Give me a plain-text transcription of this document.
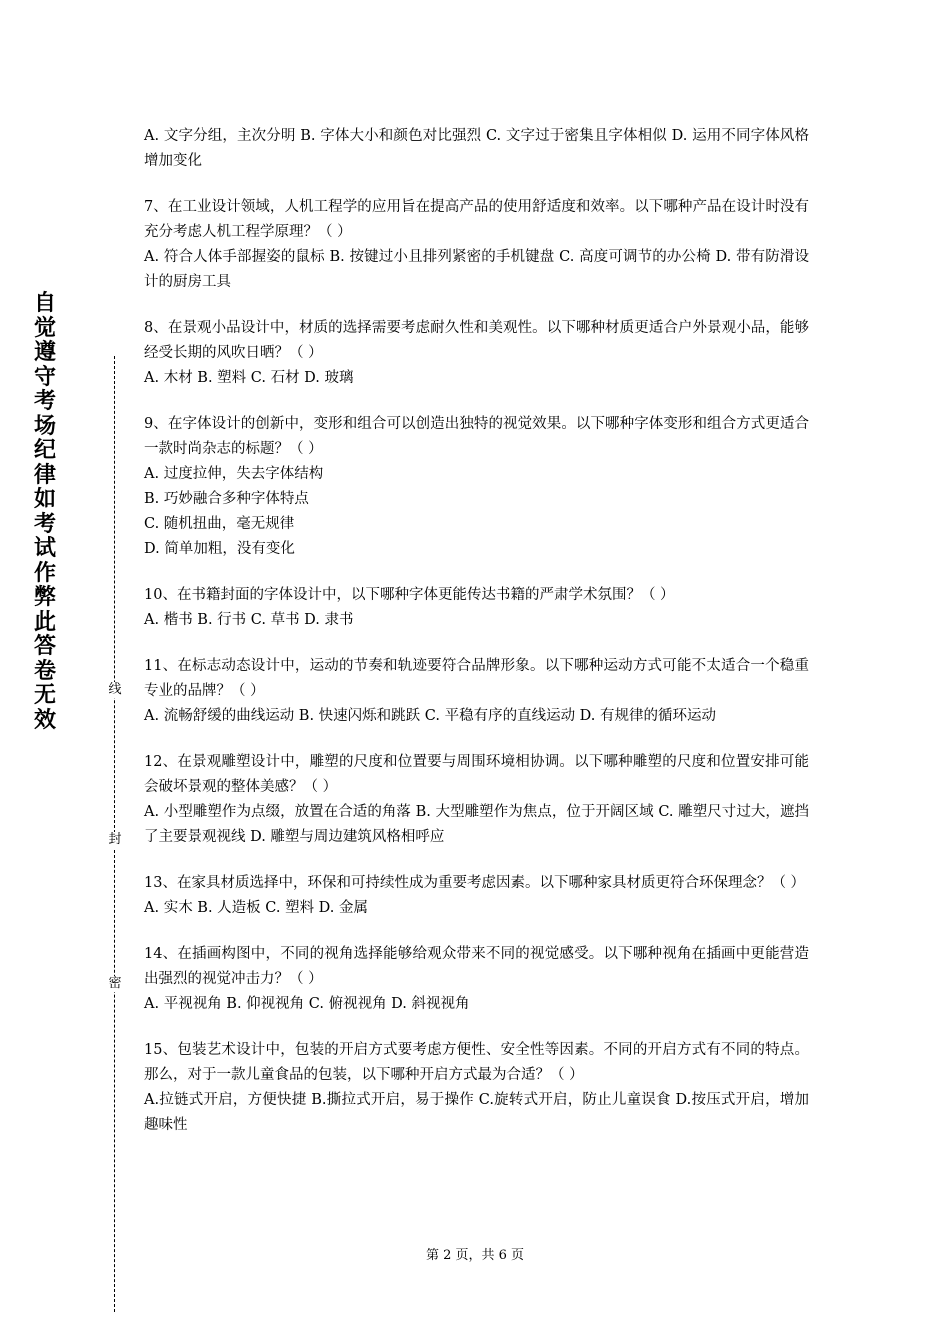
自
觉
遵
守
考
场
纪
律
如
考
试
作
弊
此
答
卷
无
效
线
封
密

A. 文字分组，主次分明 B. 字体大小和颜色对比强烈 C. 文字过于密集且字体相似 D. 运用不同字体风格增加变化

7、在工业设计领域，人机工程学的应用旨在提高产品的使用舒适度和效率。以下哪种产品在设计时没有充分考虑人机工程学原理？（ ）

A. 符合人体手部握姿的鼠标 B. 按键过小且排列紧密的手机键盘 C. 高度可调节的办公椅 D. 带有防滑设计的厨房工具

8、在景观小品设计中，材质的选择需要考虑耐久性和美观性。以下哪种材质更适合户外景观小品，能够经受长期的风吹日晒？（ ）

A. 木材 B. 塑料 C. 石材 D. 玻璃

9、在字体设计的创新中，变形和组合可以创造出独特的视觉效果。以下哪种字体变形和组合方式更适合一款时尚杂志的标题？（ ）

A. 过度拉伸，失去字体结构
B. 巧妙融合多种字体特点
C. 随机扭曲，毫无规律
D. 简单加粗，没有变化

10、在书籍封面的字体设计中，以下哪种字体更能传达书籍的严肃学术氛围？（ ）

A. 楷书 B. 行书 C. 草书 D. 隶书

11、在标志动态设计中，运动的节奏和轨迹要符合品牌形象。以下哪种运动方式可能不太适合一个稳重专业的品牌？（ ）

A. 流畅舒缓的曲线运动 B. 快速闪烁和跳跃 C. 平稳有序的直线运动 D. 有规律的循环运动

12、在景观雕塑设计中，雕塑的尺度和位置要与周围环境相协调。以下哪种雕塑的尺度和位置安排可能会破坏景观的整体美感？（ ）

A. 小型雕塑作为点缀，放置在合适的角落 B. 大型雕塑作为焦点，位于开阔区域 C. 雕塑尺寸过大，遮挡了主要景观视线 D. 雕塑与周边建筑风格相呼应

13、在家具材质选择中，环保和可持续性成为重要考虑因素。以下哪种家具材质更符合环保理念？（ ）

A. 实木 B. 人造板 C. 塑料 D. 金属

14、在插画构图中，不同的视角选择能够给观众带来不同的视觉感受。以下哪种视角在插画中更能营造出强烈的视觉冲击力？（ ）

A. 平视视角 B. 仰视视角 C. 俯视视角 D. 斜视视角

15、包装艺术设计中，包装的开启方式要考虑方便性、安全性等因素。不同的开启方式有不同的特点。那么，对于一款儿童食品的包装，以下哪种开启方式最为合适？（ ）

A.拉链式开启，方便快捷 B.撕拉式开启，易于操作 C.旋转式开启，防止儿童误食 D.按压式开启，增加趣味性

第 2 页，共 6 页
